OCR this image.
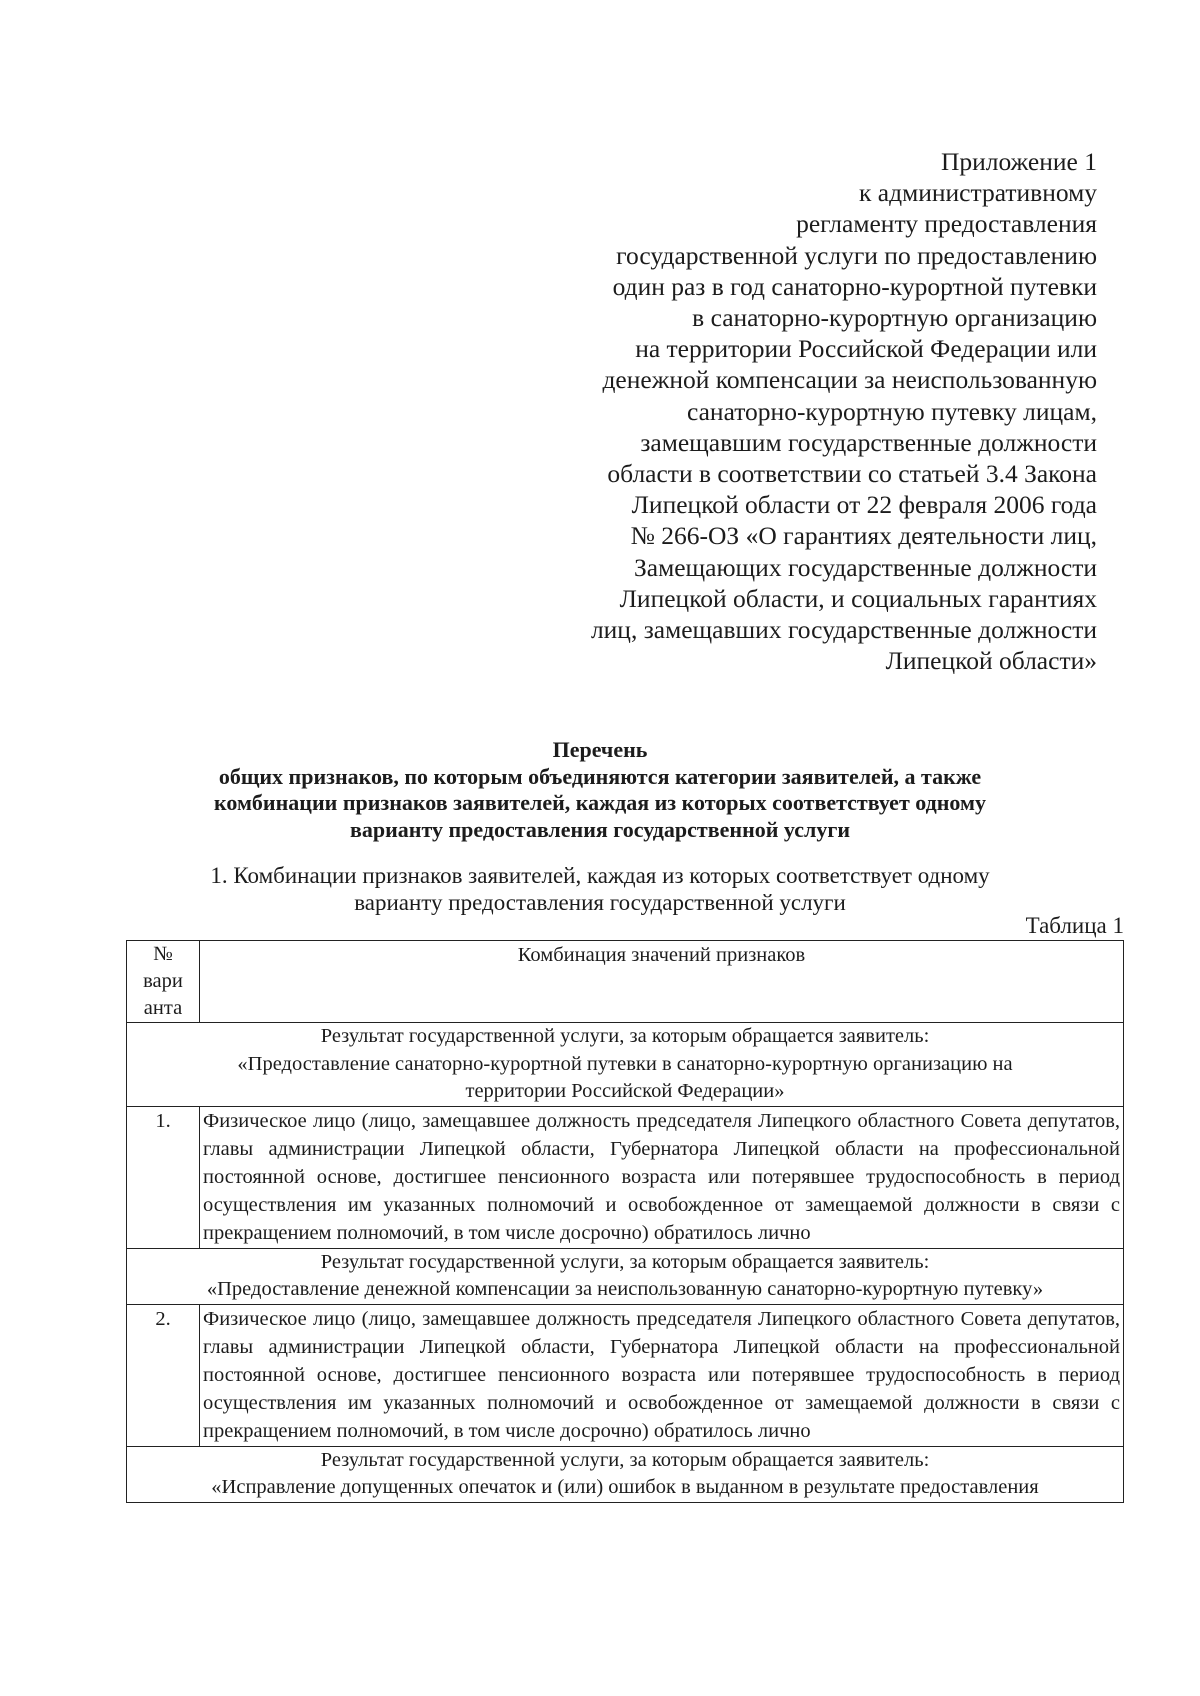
Приложение 1
к административному
регламенту предоставления
государственной услуги по предоставлению
один раз в год санаторно-курортной путевки
в санаторно-курортную организацию
на территории Российской Федерации или
денежной компенсации за неиспользованную
санаторно-курортную путевку лицам,
замещавшим государственные должности
области в соответствии со статьей 3.4 Закона
Липецкой области от 22 февраля 2006 года
№ 266-ОЗ «О гарантиях деятельности лиц,
Замещающих государственные должности
Липецкой области, и социальных гарантиях
лиц, замещавших государственные должности
Липецкой области»
Перечень
общих признаков, по которым объединяются категории заявителей, а также
комбинации признаков заявителей, каждая из которых соответствует одному
варианту предоставления государственной услуги
1. Комбинации признаков заявителей, каждая из которых соответствует одному
варианту предоставления государственной услуги
Таблица 1
№
вари
анта	Комбинация значений признаков

Результат государственной услуги, за которым обращается заявитель:
«Предоставление санаторно-курортной путевки в санаторно-курортную организацию на
территории Российской Федерации»	

1.	Физическое лицо (лицо, замещавшее должность председателя Липецкого областного Совета депутатов, главы администрации Липецкой области, Губернатора Липецкой области на профессиональной постоянной основе, достигшее пенсионного возраста или потерявшее трудоспособность в период осуществления им указанных полномочий и освобожденное от замещаемой должности в связи с прекращением полномочий, в том числе досрочно) обратилось лично

Результат государственной услуги, за которым обращается заявитель:
«Предоставление денежной компенсации за неиспользованную санаторно-курортную путевку»	

2.	Физическое лицо (лицо, замещавшее должность председателя Липецкого областного Совета депутатов, главы администрации Липецкой области, Губернатора Липецкой области на профессиональной постоянной основе, достигшее пенсионного возраста или потерявшее трудоспособность в период осуществления им указанных полномочий и освобожденное от замещаемой должности в связи с прекращением полномочий, в том числе досрочно) обратилось лично

Результат государственной услуги, за которым обращается заявитель:
«Исправление допущенных опечаток и (или) ошибок в выданном в результате предоставления	
